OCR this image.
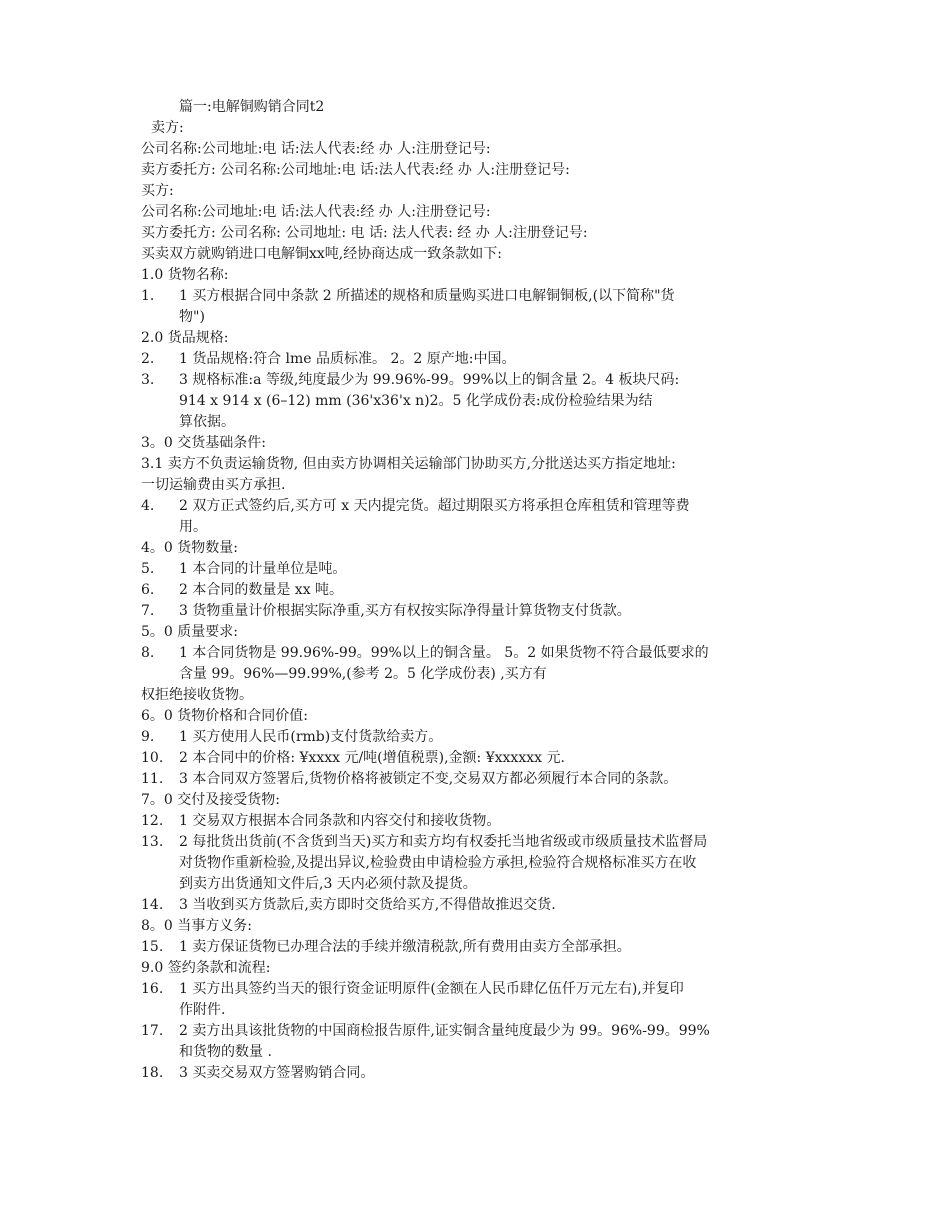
篇一:电解铜购销合同t2
卖方:
公司名称:公司地址:电 话:法人代表:经 办 人:注册登记号:
卖方委托方: 公司名称:公司地址:电 话:法人代表:经 办 人:注册登记号:
买方:
公司名称:公司地址:电 话:法人代表:经 办 人:注册登记号:
买方委托方: 公司名称: 公司地址: 电 话: 法人代表: 经 办 人:注册登记号:
买卖双方就购销进口电解铜xx吨,经协商达成一致条款如下:
1.0 货物名称:
1.	1 买方根据合同中条款 2 所描述的规格和质量购买进口电解铜铜板,(以下简称"货
物")
2.0 货品规格:
2.	1 货品规格:符合 lme 品质标准。 2。2 原产地:中国。
3.	3 规格标准:a 等级,纯度最少为 99.96%-99。99%以上的铜含量 2。4 板块尺码:
914 x 914 x (6–12) mm (36'x36'x n)2。5 化学成份表:成份检验结果为结
算依据。
3。0 交货基础条件:
3.1 卖方不负责运输货物, 但由卖方协调相关运输部门协助买方,分批送达买方指定地址:
一切运输费由买方承担.
4.	2 双方正式签约后,买方可 x 天内提完货。超过期限买方将承担仓库租赁和管理等费
用。
4。0 货物数量:
5.	1 本合同的计量单位是吨。
6.	2 本合同的数量是 xx 吨。
7.	3 货物重量计价根据实际净重,买方有权按实际净得量计算货物支付货款。
5。0 质量要求:
8.	1 本合同货物是 99.96%-99。99%以上的铜含量。 5。2 如果货物不符合最低要求的
含量 99。96%—99.99%,(参考 2。5 化学成份表) ,买方有
权拒绝接收货物。
6。0 货物价格和合同价值:
9.	1 买方使用人民币(rmb)支付货款给卖方。
10.	2 本合同中的价格: ¥xxxx 元/吨(增值税票),金额: ¥xxxxxx 元.
11.	3 本合同双方签署后,货物价格将被锁定不变,交易双方都必须履行本合同的条款。
7。0 交付及接受货物:
12.	1 交易双方根据本合同条款和内容交付和接收货物。
13.	2 每批货出货前(不含货到当天)买方和卖方均有权委托当地省级或市级质量技术监督局
对货物作重新检验,及提出异议,检验费由申请检验方承担,检验符合规格标准买方在收
到卖方出货通知文件后,3 天内必须付款及提货。
14.	3 当收到买方货款后,卖方即时交货给买方,不得借故推迟交货.
8。0 当事方义务:
15.	1 卖方保证货物已办理合法的手续并缴清税款,所有费用由卖方全部承担。
9.0 签约条款和流程:
16.	1 买方出具签约当天的银行资金证明原件(金额在人民币肆亿伍仟万元左右),并复印
作附件.
17.	2 卖方出具该批货物的中国商检报告原件,证实铜含量纯度最少为 99。96%-99。99%
和货物的数量 .
18.	3 买卖交易双方签署购销合同。
